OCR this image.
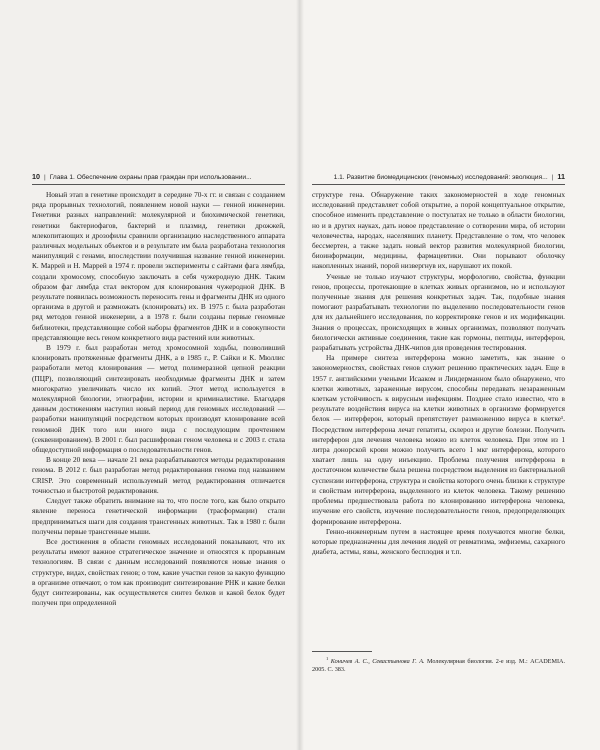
10 | Глава 1. Обеспечение охраны прав граждан при использовании...

Новый этап в генетике происходит в середине 70-х гг. и связан с созданием ряда прорывных технологий, появлением новой науки — генной инженерии. Генетики разных направлений: молекулярной и биохимической генетики, генетики бактериофагов, бактерий и плазмид, генетики дрожжей, млекопитающих и дрозофилы сравнили организацию наследственного аппарата различных модельных объектов и в результате им была разработана технология манипуляций с генами, впоследствии получившая название генной инженерии. К. Маррей и Н. Маррей в 1974 г. провели эксперименты с сайтами фага лямбда, создали хромосому, способную заключать в себя чужеродную ДНК. Таким образом фаг лямбда стал вектором для клонирования чужеродной ДНК. В результате появилась возможность переносить гены и фрагменты ДНК из одного организма в другой и размножать (клонировать) их. В 1975 г. была разработан ряд методов генной инженерии, а в 1978 г. были созданы первые геномные библиотеки, представляющие собой наборы фрагментов ДНК и в совокупности представляющие весь геном конкретного вида растений или животных.

В 1979 г. был разработан метод хромосомной ходьбы, позволивший клонировать протяженные фрагменты ДНК, а в 1985 г., Р. Сайки и К. Мюллис разработали метод клонирования — метод полимеразной цепной реакции (ПЦР), позволяющий синтезировать необходимые фрагменты ДНК и затем многократно увеличивать число их копий. Этот метод используется в молекулярной биологии, этнографии, истории и криминалистике. Благодаря данным достижениям наступил новый период для геномных исследований — разработки манипуляций посредством которых производят клонирование всей геномной ДНК того или иного вида с последующим прочтением (секвенированием). В 2001 г. был расшифрован геном человека и с 2003 г. стала общедоступной информация о последовательности генов.

В конце 20 века — начале 21 века разрабатываются методы редактирования генома. В 2012 г. был разработан метод редактирования генома под названием CRISP. Это современный используемый метод редактирования отличается точностью и быстротой редактирования.

Следует также обратить внимание на то, что после того, как было открыто явление переноса генетической информации (трасформации) стали предприниматься шаги для создания трансгенных животных. Так в 1980 г. были получены первые трансгенные мыши.

Все достижения в области геномных исследований показывают, что их результаты имеют важное стратегическое значение и относятся к прорывным технологиям. В связи с данным исследований появляются новые знания о структуре, видах, свойствах генов; о том, какие участки генов за какую функцию в организме отвечают, о том как производит синтезирование РНК и какие белки будут синтезированы, как осуществляется синтез белков и какой белок будет получен при определенной

1.1. Развитие биомедицинских (геномных) исследований: эволюция... | 11

структуре гена. Обнаружение таких закономерностей в ходе геномных исследований представляет собой открытие, а порой концептуальное открытие, способное изменить представление о постулатах не только в области биологии, но и в других науках, дать новое представление о сотворении мира, об истории человечества, народах, населявших планету. Представление о том, что человек бессмертен, а также задать новый вектор развития молекулярной биологии, биоинформации, медицины, фармацевтики. Они порывают оболочку накопленных знаний, порой низвергнув их, нарушают их покой.

Ученые не только изучают структуры, морфологию, свойства, функции генов, процессы, протекающие в клетках живых организмов, но и используют полученные знания для решения конкретных задач. Так, подобные знания помогают разрабатывать технологии по выделению последовательности генов для их дальнейшего исследования, по корректировке генов и их модификации. Знания о процессах, происходящих в живых организмах, позволяют получать биологически активные соединения, такие как гормоны, пептиды, интерферон, разрабатывать устройства ДНК-чипов для проведения тестирования.

На примере синтеза интерферона можно заметить, как знание о закономерностях, свойствах генов служит решению практических задач. Еще в 1957 г. английскими учеными Исааком и Линдерманном было обнаружено, что клетки животных, зараженные вирусом, способны передавать незараженным клеткам устойчивость к вирусным инфекциям. Позднее стало известно, что в результате воздействия вируса на клетки животных в организме формируется белок — интерферон, который препятствует размножению вируса в клетке¹. Посредством интерферона лечат гепатиты, склероз и другие болезни. Получить интерферон для лечения человека можно из клеток человека. При этом из 1 литра донорской крови можно получить всего 1 мкг интерферона, которого хватает лишь на одну инъекцию. Проблема получения интерферона в достаточном количестве была решена посредством выделения из бактериальной суспензии интерферона, структура и свойства которого очень близки к структуре и свойствам интерферона, выделенного из клеток человека. Такому решению проблемы предшествовала работа по клонированию интерферона человека, изучение его свойств, изучение последовательности генов, предопределяющих формирование интерферона.

Генно-инженерным путем в настоящее время получаются многие белки, которые предназначены для лечения людей от ревматизма, эмфиземы, сахарного диабета, астмы, язвы, женского бесплодия и т.п.

$^1$ Коничев А. С., Севастьянова Г. А. Молекулярная биология. 2-е изд. М.: ACADEMIA. 2005. С. 383.
